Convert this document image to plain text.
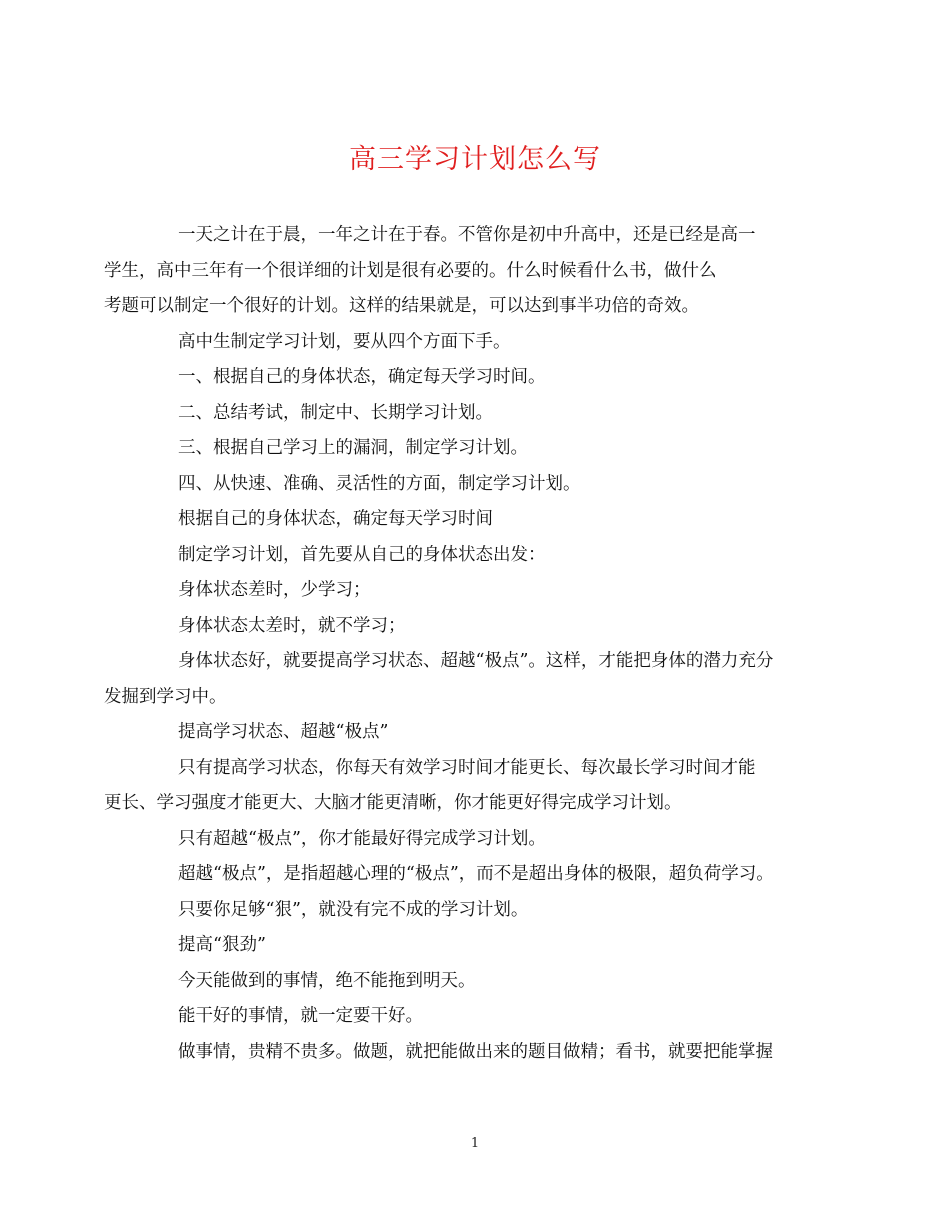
高三学习计划怎么写

一天之计在于晨，一年之计在于春。不管你是初中升高中，还是已经是高一
学生，高中三年有一个很详细的计划是很有必要的。什么时候看什么书，做什么
考题可以制定一个很好的计划。这样的结果就是，可以达到事半功倍的奇效。

高中生制定学习计划，要从四个方面下手。

一、根据自己的身体状态，确定每天学习时间。

二、总结考试，制定中、长期学习计划。

三、根据自己学习上的漏洞，制定学习计划。

四、从快速、准确、灵活性的方面，制定学习计划。

根据自己的身体状态，确定每天学习时间

制定学习计划，首先要从自己的身体状态出发：

身体状态差时，少学习；

身体状态太差时，就不学习；

身体状态好，就要提高学习状态、超越“极点”。这样，才能把身体的潜力充分
发掘到学习中。

提高学习状态、超越“极点”

只有提高学习状态，你每天有效学习时间才能更长、每次最长学习时间才能
更长、学习强度才能更大、大脑才能更清晰，你才能更好得完成学习计划。

只有超越“极点”，你才能最好得完成学习计划。

超越“极点”，是指超越心理的“极点”，而不是超出身体的极限，超负荷学习。

只要你足够“狠”，就没有完不成的学习计划。

提高“狠劲”

今天能做到的事情，绝不能拖到明天。

能干好的事情，就一定要干好。

做事情，贵精不贵多。做题，就把能做出来的题目做精；看书，就要把能掌握

1
